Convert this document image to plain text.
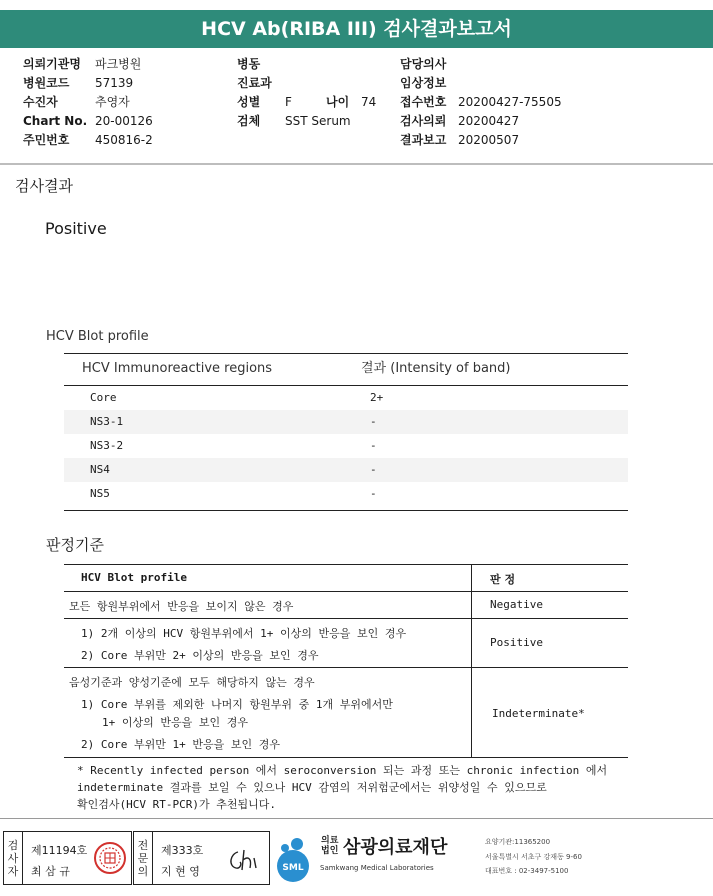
HCV Ab(RIBA III) 검사결과보고서
의뢰기관명 파크병원
병원코드 57139
수진자	추영자
Chart No. 20-00126
주민번호 450816-2
병동
진료과
성별 F	나이 74
검체 SST Serum
담당의사
임상정보
접수번호 20200427-75505
검사의뢰 20200427
결과보고 20200507
검사결과
Positive
HCV Blot profile
HCV Immunoreactive regions	결과 (Intensity of band)
Core	2+
NS3-1	-
NS3-2	-
NS4	-
NS5	-
판정기준
HCV Blot profile	판 정
모든 항원부위에서 반응을 보이지 않은 경우	Negative
1) 2개 이상의 HCV 항원부위에서 1+ 이상의 반응을 보인 경우
2) Core 부위만 2+ 이상의 반응을 보인 경우
Positive
음성기준과 양성기준에 모두 해당하지 않는 경우
1) Core 부위를 제외한 나머지 항원부위 중 1개 부위에서만
1+ 이상의 반응을 보인 경우
2) Core 부위만 1+ 반응을 보인 경우
Indeterminate*
* Recently infected person 에서 seroconversion 되는 과정 또는 chronic infection 에서
indeterminate 결과를 보일 수 있으나 HCV 감염의 저위험군에서는 위양성일 수 있으므로
확인검사(HCV RT-PCR)가 추천됩니다.
검
사
자
제11194호
최 삼 규
전
문
의
제333호
지 현 영	SML
의료
법인 삼광의료재단
Samkwang Medical Laboratories
요양기관:11365200
서울특별시 서초구 강재동 9-60
대표번호 : 02-3497-5100
